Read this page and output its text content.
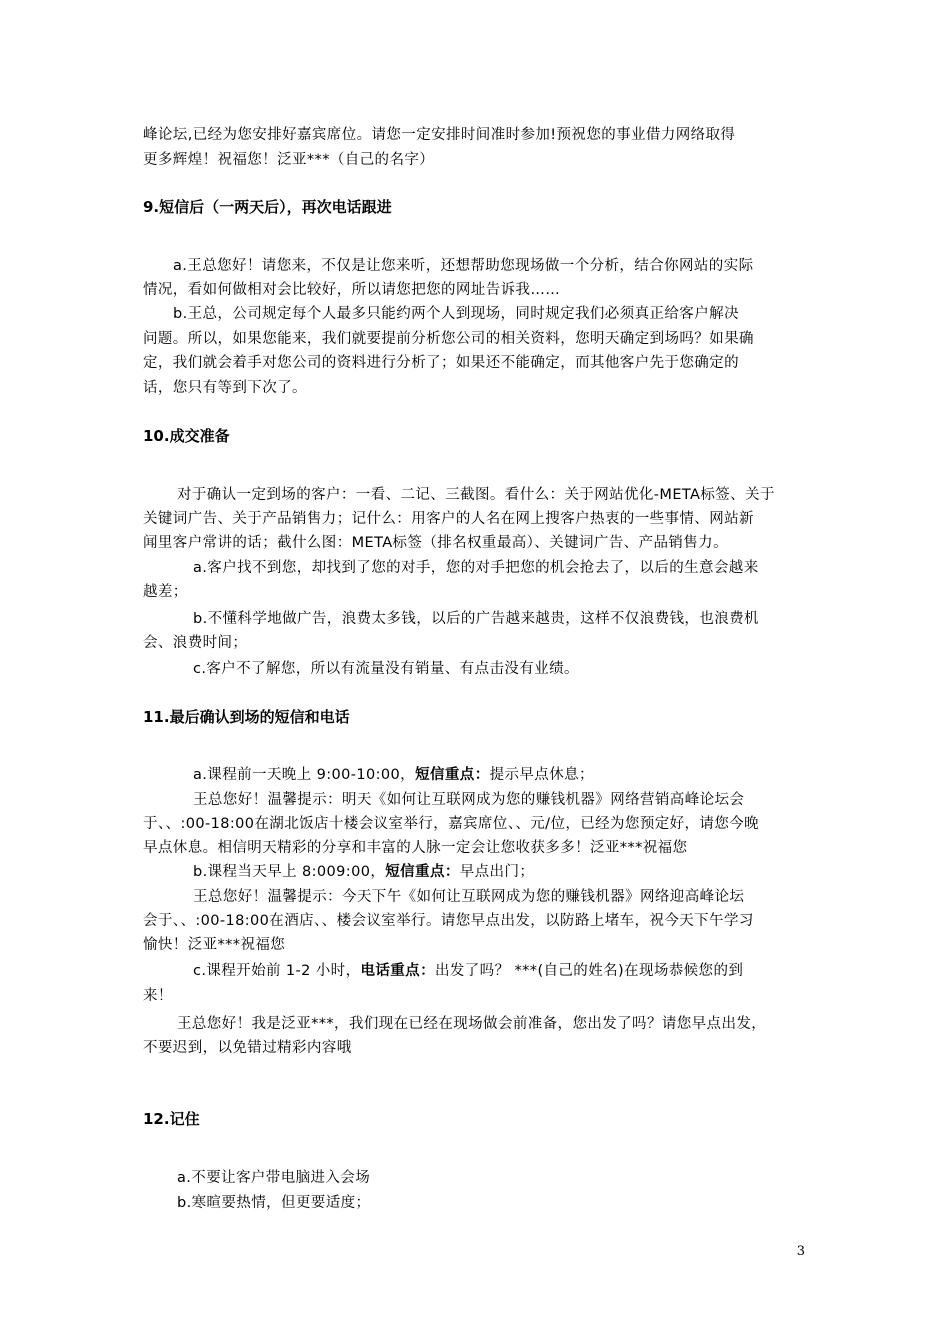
峰论坛,已经为您安排好嘉宾席位。请您一定安排时间准时参加!预祝您的事业借力网络取得

更多辉煌！祝福您！泛亚***（自己的名字）

9.短信后（一两天后），再次电话跟进

a.王总您好！请您来，不仅是让您来听，还想帮助您现场做一个分析，结合你网站的实际

情况，看如何做相对会比较好，所以请您把您的网址告诉我……

b.王总，公司规定每个人最多只能约两个人到现场，同时规定我们必须真正给客户解决

问题。所以，如果您能来，我们就要提前分析您公司的相关资料，您明天确定到场吗？如果确

定，我们就会着手对您公司的资料进行分析了；如果还不能确定，而其他客户先于您确定的

话，您只有等到下次了。

10.成交准备

对于确认一定到场的客户：一看、二记、三截图。看什么：关于网站优化-META标签、关于

关键词广告、关于产品销售力；记什么：用客户的人名在网上搜客户热衷的一些事情、网站新

闻里客户常讲的话；截什么图：META标签（排名权重最高）、关键词广告、产品销售力。

a.客户找不到您，却找到了您的对手，您的对手把您的机会抢去了，以后的生意会越来

越差；

b.不懂科学地做广告，浪费太多钱，以后的广告越来越贵，这样不仅浪费钱，也浪费机

会、浪费时间；

c.客户不了解您，所以有流量没有销量、有点击没有业绩。

11.最后确认到场的短信和电话

a.课程前一天晚上 9:00-10:00，短信重点：提示早点休息；

王总您好！温馨提示：明天《如何让互联网成为您的赚钱机器》网络营销高峰论坛会

于、、:00-18:00在湖北饭店十楼会议室举行，嘉宾席位、、元/位，已经为您预定好，请您今晚

早点休息。相信明天精彩的分享和丰富的人脉一定会让您收获多多！泛亚***祝福您

b.课程当天早上 8:009:00，短信重点：早点出门；

王总您好！温馨提示：今天下午《如何让互联网成为您的赚钱机器》网络迎高峰论坛

会于、、:00-18:00在酒店、、楼会议室举行。请您早点出发，以防路上堵车，祝今天下午学习

愉快！泛亚***祝福您

c.课程开始前 1-2 小时，电话重点：出发了吗？ ***(自己的姓名)在现场恭候您的到

来！

王总您好！我是泛亚***，我们现在已经在现场做会前准备，您出发了吗？请您早点出发，

不要迟到，以免错过精彩内容哦

12.记住

a.不要让客户带电脑进入会场

b.寒暄要热情，但更要适度；

3
